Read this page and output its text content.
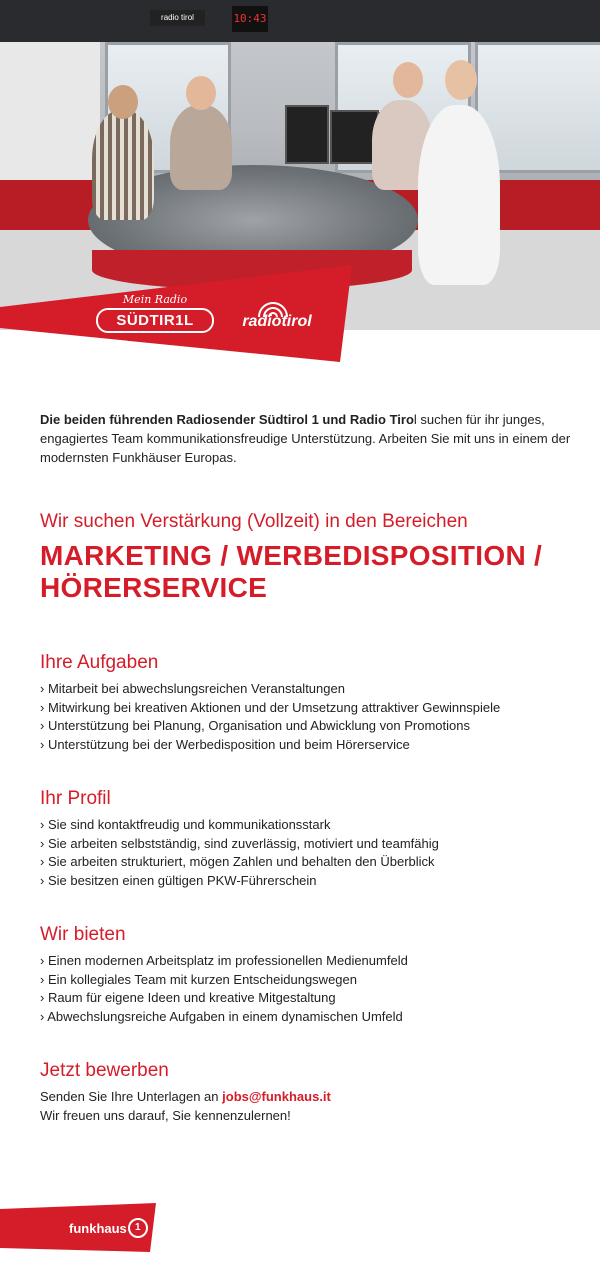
radio tirol	10:43
Mein Radio
SÜDTIR1L	radiotirol

Die beiden führenden Radiosender Südtirol 1 und Radio Tirol suchen für ihr junges, engagiertes Team kommunikationsfreudige Unterstützung. Arbeiten Sie mit uns in einem der modernsten Funkhäuser Europas.

Wir suchen Verstärkung (Vollzeit) in den Bereichen

MARKETING / WERBEDISPOSITION /
HÖRERSERVICE
Ihre Aufgaben
› Mitarbeit bei abwechslungsreichen Veranstaltungen
› Mitwirkung bei kreativen Aktionen und der Umsetzung attraktiver Gewinnspiele
› Unterstützung bei Planung, Organisation und Abwicklung von Promotions
› Unterstützung bei der Werbedisposition und beim Hörerservice
Ihr Profil
› Sie sind kontaktfreudig und kommunikationsstark
› Sie arbeiten selbstständig, sind zuverlässig, motiviert und teamfähig
› Sie arbeiten strukturiert, mögen Zahlen und behalten den Überblick
› Sie besitzen einen gültigen PKW-Führerschein
Wir bieten
› Einen modernen Arbeitsplatz im professionellen Medienumfeld
› Ein kollegiales Team mit kurzen Entscheidungswegen
› Raum für eigene Ideen und kreative Mitgestaltung
› Abwechslungsreiche Aufgaben in einem dynamischen Umfeld
Jetzt bewerben

Senden Sie Ihre Unterlagen an jobs@funkhaus.it

Wir freuen uns darauf, Sie kennenzulernen!

funkhaus 1
